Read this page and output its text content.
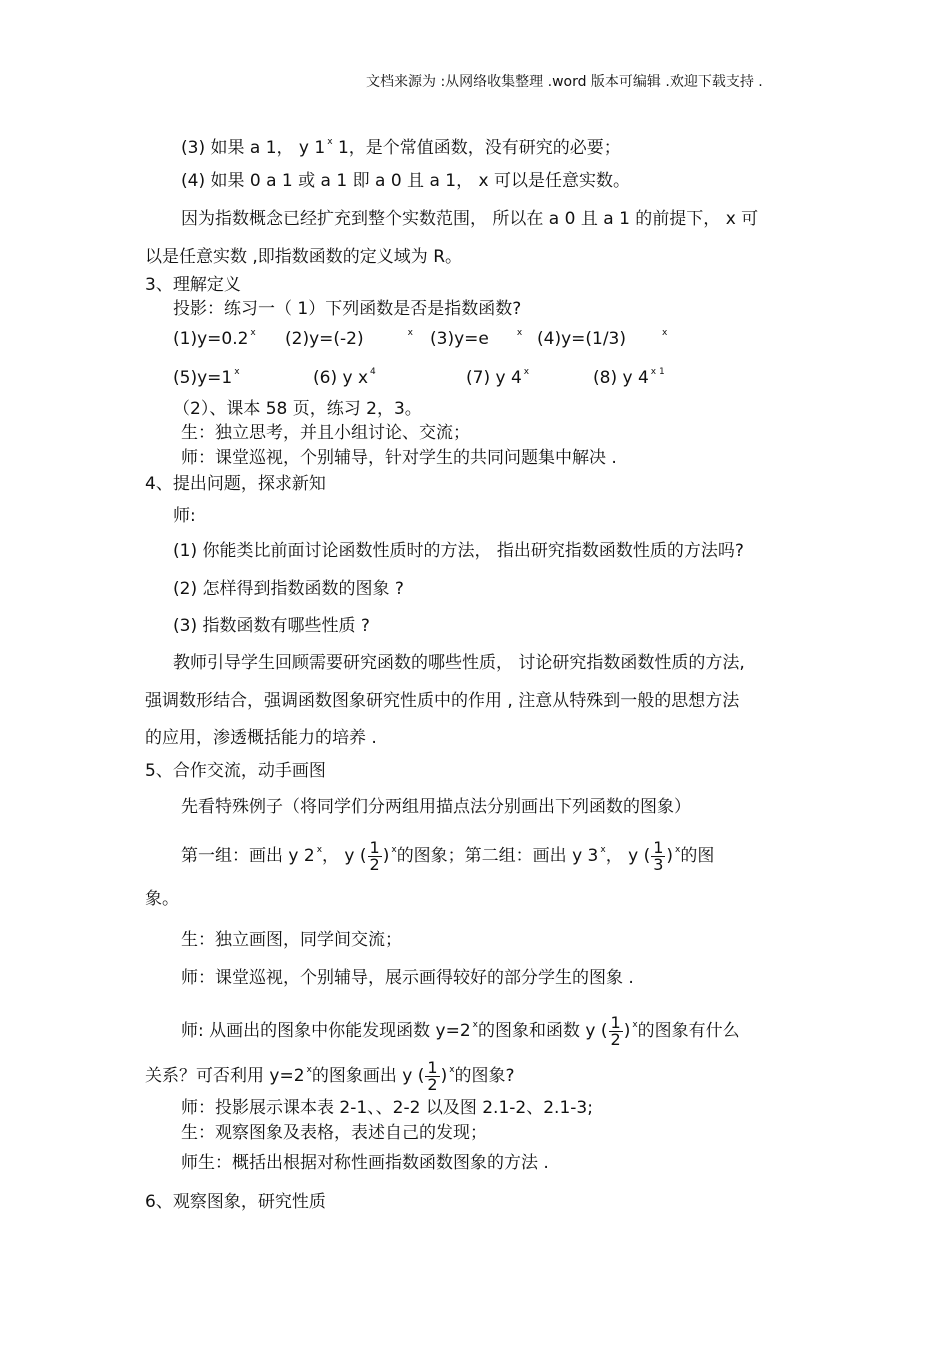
文档来源为 :从网络收集整理 .word 版本可编辑 .欢迎下载支持 .
(3) 如果 a 1， y 1 $^x$ 1，是个常值函数，没有研究的必要；
(4) 如果 0 a 1 或 a 1 即 a 0 且 a 1， x 可以是任意实数。
因为指数概念已经扩充到整个实数范围， 所以在 a 0 且 a 1 的前提下， x 可
以是任意实数 ,即指数函数的定义域为 R。
3、理解定义
投影：练习一（ 1）下列函数是否是指数函数?
(1)y=0.2 $^x$ (2)y=(-2)	$^x$ (3)y=e	$^x$ (4)y=(1/3)	$^x$
(5)y=1 $^x$	(6) y x $^4$	(7) y 4 $^x$	(8) y 4 $^{x 1}$
（2）、课本 58 页，练习 2，3。
生：独立思考，并且小组讨论、交流；
师：课堂巡视，个别辅导，针对学生的共同问题集中解决 .
4、提出问题，探求新知
师:
(1) 你能类比前面讨论函数性质时的方法， 指出研究指数函数性质的方法吗?
(2) 怎样得到指数函数的图象 ?
(3) 指数函数有哪些性质 ?
教师引导学生回顾需要研究函数的哪些性质， 讨论研究指数函数性质的方法,
强调数形结合，强调函数图象研究性质中的作用 , 注意从特殊到一般的思想方法
的应用，渗透概括能力的培养 .
5、合作交流，动手画图
先看特殊例子（将同学们分两组用描点法分别画出下列函数的图象）
第一组：画出 y 2 $^x$， y ( $\frac{1}{2}$ ) $^x$的图象；第二组：画出 y 3 $^x$， y ( $\frac{1}{3}$ ) $^x$的图
象。
生：独立画图，同学间交流；
师：课堂巡视，个别辅导，展示画得较好的部分学生的图象 .
师: 从画出的图象中你能发现函数 y=2 $^x$的图象和函数 y ( $\frac{1}{2}$ ) $^x$的图象有什么
关系？可否利用 y=2 $^x$的图象画出 y ( $\frac{1}{2}$ ) $^x$的图象?
师：投影展示课本表 2-1、、2-2 以及图 2.1-2、2.1-3;
生：观察图象及表格，表述自己的发现；
师生：概括出根据对称性画指数函数图象的方法 .
6、观察图象，研究性质
